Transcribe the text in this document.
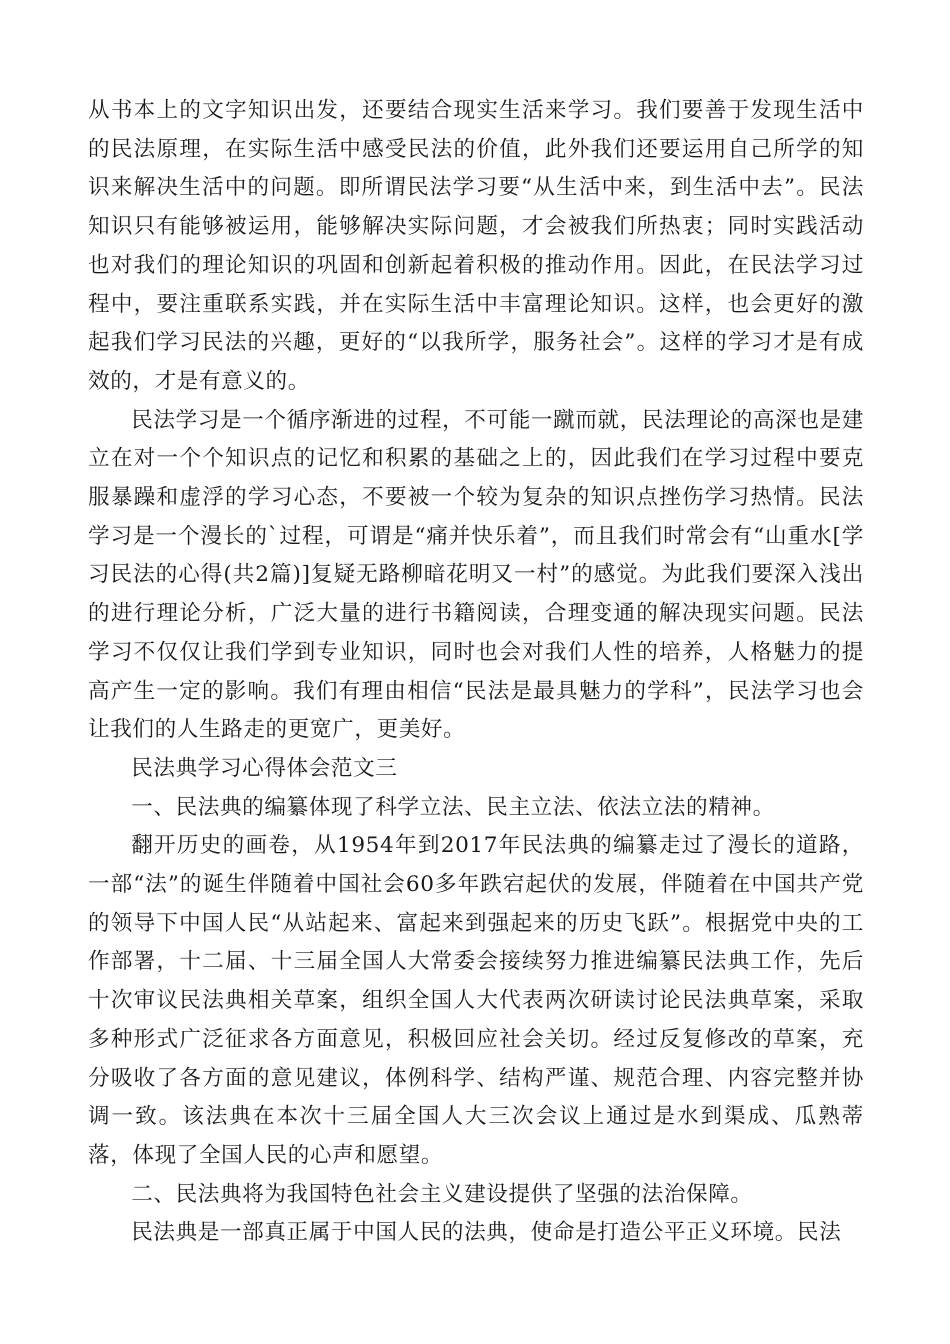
从书本上的文字知识出发，还要结合现实生活来学习。我们要善于发现生活中的民法原理，在实际生活中感受民法的价值，此外我们还要运用自己所学的知识来解决生活中的问题。即所谓民法学习要“从生活中来，到生活中去”。民法知识只有能够被运用，能够解决实际问题，才会被我们所热衷；同时实践活动也对我们的理论知识的巩固和创新起着积极的推动作用。因此，在民法学习过程中，要注重联系实践，并在实际生活中丰富理论知识。这样，也会更好的激起我们学习民法的兴趣，更好的“以我所学，服务社会”。这样的学习才是有成效的，才是有意义的。

民法学习是一个循序渐进的过程，不可能一蹴而就，民法理论的高深也是建立在对一个个知识点的记忆和积累的基础之上的，因此我们在学习过程中要克服暴躁和虚浮的学习心态，不要被一个较为复杂的知识点挫伤学习热情。民法学习是一个漫长的`过程，可谓是“痛并快乐着”，而且我们时常会有“山重水[学习民法的心得(共2篇)]复疑无路柳暗花明又一村”的感觉。为此我们要深入浅出的进行理论分析，广泛大量的进行书籍阅读，合理变通的解决现实问题。民法学习不仅仅让我们学到专业知识，同时也会对我们人性的培养，人格魅力的提高产生一定的影响。我们有理由相信“民法是最具魅力的学科”，民法学习也会让我们的人生路走的更宽广，更美好。

民法典学习心得体会范文三

一、民法典的编纂体现了科学立法、民主立法、依法立法的精神。

翻开历史的画卷，从1954年到2017年民法典的编纂走过了漫长的道路，一部“法”的诞生伴随着中国社会60多年跌宕起伏的发展，伴随着在中国共产党的领导下中国人民“从站起来、富起来到强起来的历史飞跃”。根据党中央的工作部署，十二届、十三届全国人大常委会接续努力推进编纂民法典工作，先后十次审议民法典相关草案，组织全国人大代表两次研读讨论民法典草案，采取多种形式广泛征求各方面意见，积极回应社会关切。经过反复修改的草案，充分吸收了各方面的意见建议，体例科学、结构严谨、规范合理、内容完整并协调一致。该法典在本次十三届全国人大三次会议上通过是水到渠成、瓜熟蒂落，体现了全国人民的心声和愿望。

二、民法典将为我国特色社会主义建设提供了坚强的法治保障。

民法典是一部真正属于中国人民的法典，使命是打造公平正义环境。民法
